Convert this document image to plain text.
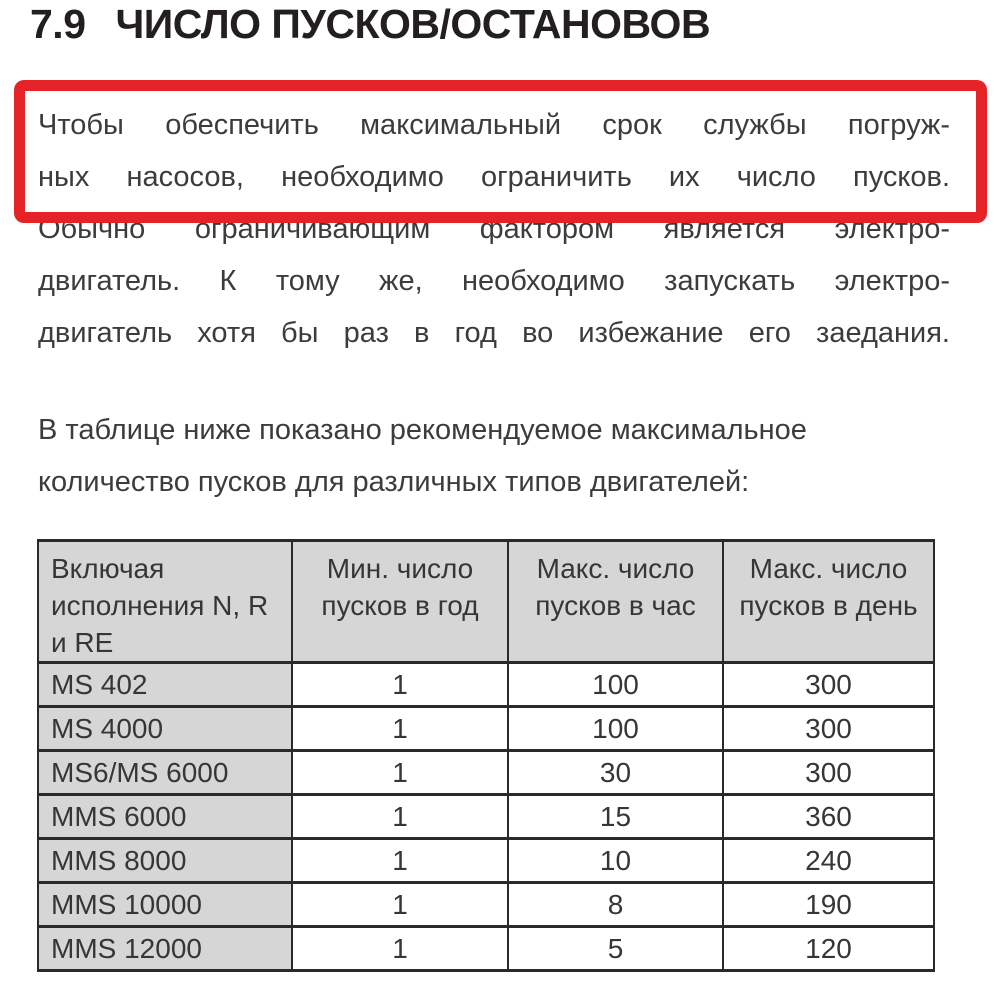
7.9 ЧИСЛО ПУСКОВ/ОСТАНОВОВ
Чтобы обеспечить максимальный срок службы погруж-
ных насосов, необходимо ограничить их число пусков.
Обычно ограничивающим фактором является электро-
двигатель. К тому же, необходимо запускать электро-
двигатель хотя бы раз в год во избежание его заедания.
В таблице ниже показано рекомендуемое максимальное
количество пусков для различных типов двигателей:
Включая исполнения N, R и RE	Мин. число пусков в год	Макс. число пусков в час	Макс. число пусков в день
MS 402	1	100	300
MS 4000	1	100	300
MS6/MS 6000	1	30	300
MMS 6000	1	15	360
MMS 8000	1	10	240
MMS 10000	1	8	190
MMS 12000	1	5	120
